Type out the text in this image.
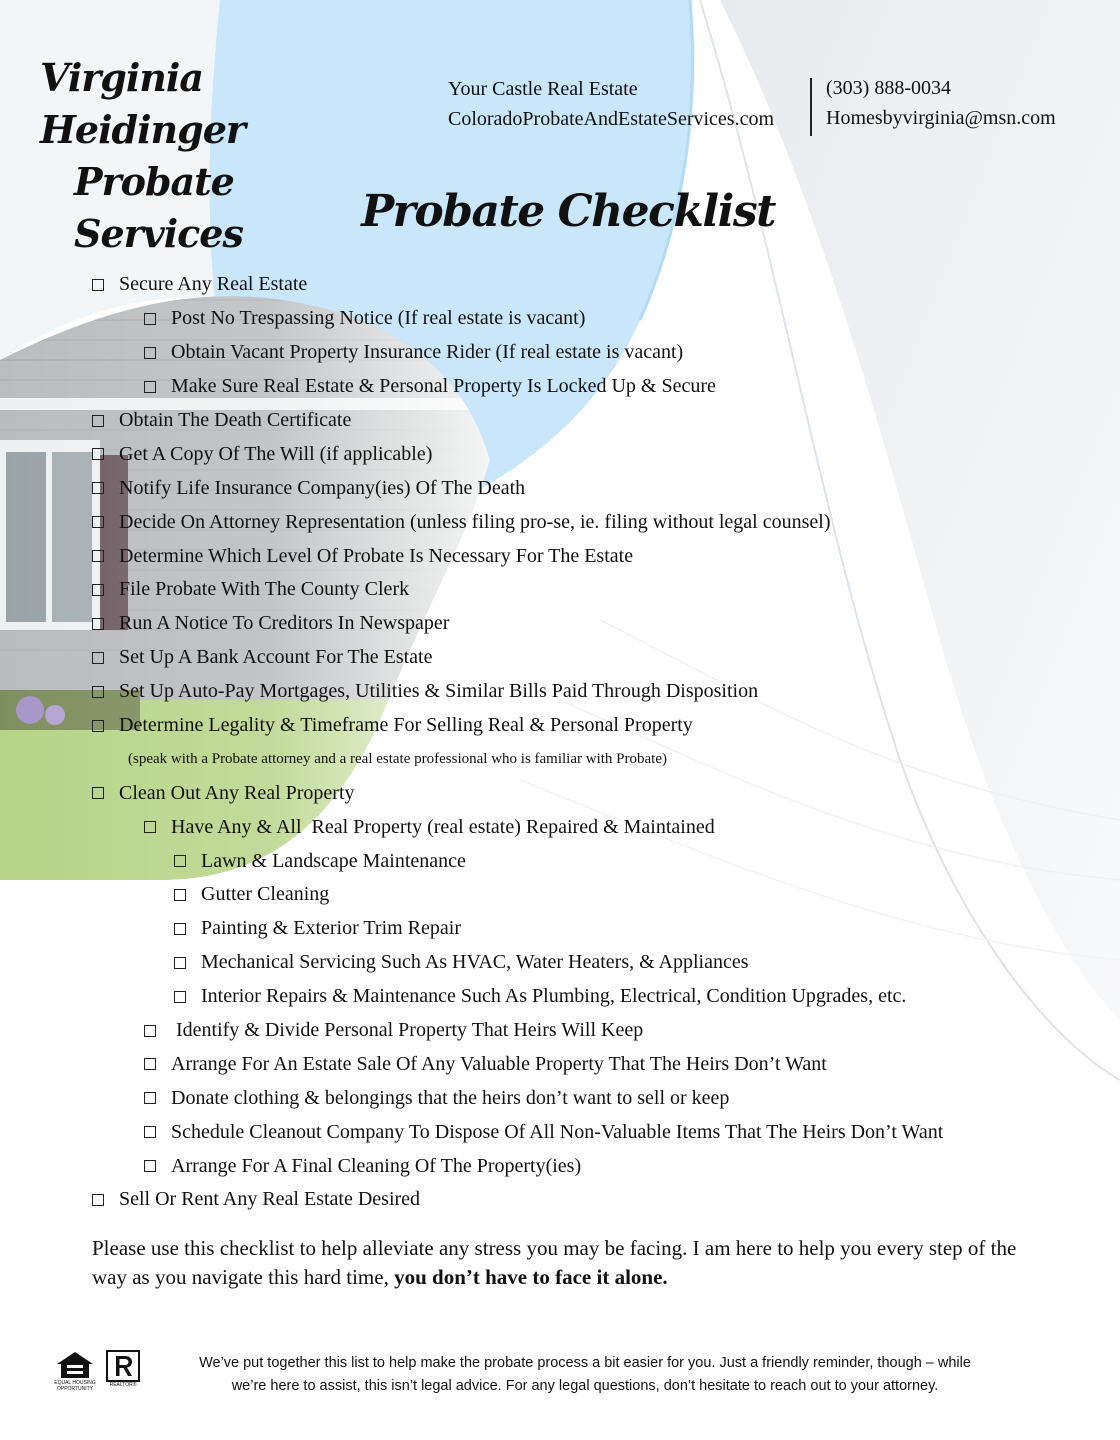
Virginia Heidinger
Probate Services
Your Castle Real Estate
ColoradoProbateAndEstateServices.com
(303) 888-0034
Homesbyvirginia@msn.com
Probate Checklist
Secure Any Real Estate
Post No Trespassing Notice (If real estate is vacant)
Obtain Vacant Property Insurance Rider (If real estate is vacant)
Make Sure Real Estate & Personal Property Is Locked Up & Secure
Obtain The Death Certificate
Get A Copy Of The Will (if applicable)
Notify Life Insurance Company(ies) Of The Death
Decide On Attorney Representation (unless filing pro-se, ie. filing without legal counsel)
Determine Which Level Of Probate Is Necessary For The Estate
File Probate With The County Clerk
Run A Notice To Creditors In Newspaper
Set Up A Bank Account For The Estate
Set Up Auto-Pay Mortgages, Utilities & Similar Bills Paid Through Disposition
Determine Legality & Timeframe For Selling Real & Personal Property
(speak with a Probate attorney and a real estate professional who is familiar with Probate)
Clean Out Any Real Property
Have Any & All  Real Property (real estate) Repaired & Maintained
Lawn & Landscape Maintenance
Gutter Cleaning
Painting & Exterior Trim Repair
Mechanical Servicing Such As HVAC, Water Heaters, & Appliances
Interior Repairs & Maintenance Such As Plumbing, Electrical, Condition Upgrades, etc.
Identify & Divide Personal Property That Heirs Will Keep
Arrange For An Estate Sale Of Any Valuable Property That The Heirs Don’t Want
Donate clothing & belongings that the heirs don’t want to sell or keep
Schedule Cleanout Company To Dispose Of All Non-Valuable Items That The Heirs Don’t Want
Arrange For A Final Cleaning Of The Property(ies)
Sell Or Rent Any Real Estate Desired
Please use this checklist to help alleviate any stress you may be facing. I am here to help you every step of the way as you navigate this hard time, you don’t have to face it alone.
EQUAL HOUSING OPPORTUNITY
REALTOR®
We’ve put together this list to help make the probate process a bit easier for you. Just a friendly reminder, though – while
we’re here to assist, this isn’t legal advice. For any legal questions, don’t hesitate to reach out to your attorney.
